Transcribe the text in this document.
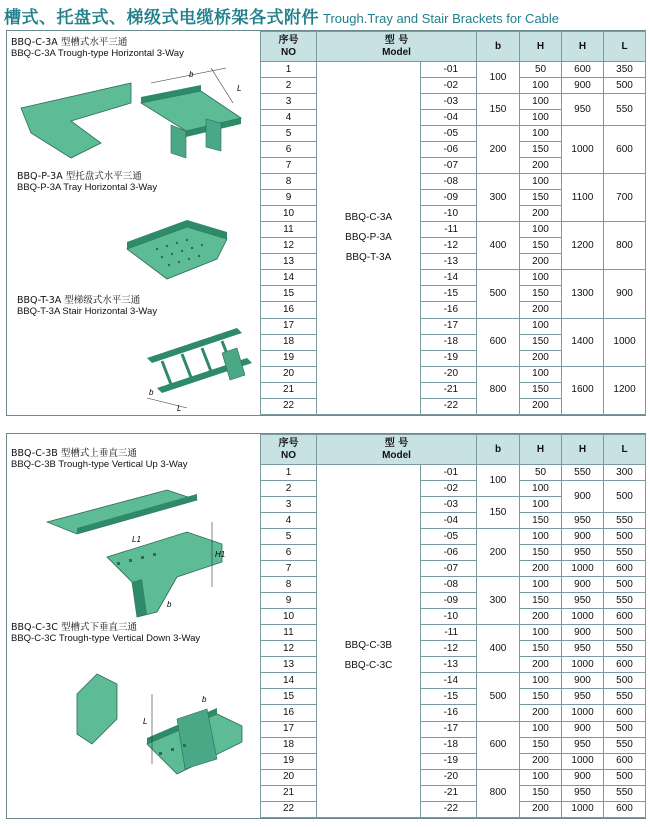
槽式、托盘式、梯级式电缆桥架各式附件 Trough.Tray and Stair Brackets for Cable
BBQ-C-3A 型槽式水平三通
BBQ-C-3A Trough-type Horizontal 3-Way
L
b
BBQ-P-3A 型托盘式水平三通
BBQ-P-3A Tray Horizontal 3-Way
BBQ-T-3A 型梯级式水平三通
BBQ-T-3A Stair Horizontal 3-Way
b
L
序号
NO	型 号
Model		b	H	H	L
1	BBQ-C-3A
BBQ-P-3A
BBQ-T-3A	-01	100	50	600	350
2		-02		100	900	500
3		-03	150	100	950	550
4		-04		100		
5		-05	200	100	1000	600
6		-06		150		
7		-07		200		
8		-08	300	100	1100	700
9		-09		150		
10		-10		200		
11		-11	400	100	1200	800
12		-12		150		
13		-13		200		
14		-14	500	100	1300	900
15		-15		150		
16		-16		200		
17		-17	600	100	1400	1000
18		-18		150		
19		-19		200		
20		-20	800	100	1600	1200
21		-21		150		
22		-22		200		
BBQ-C-3B 型槽式上垂直三通
BBQ-C-3B Trough-type Vertical Up 3-Way
H1
L1
b
BBQ-C-3C 型槽式下垂直三通
BBQ-C-3C Trough-type Vertical Down 3-Way
L
b
序号
NO	型 号
Model		b	H	H	L
1	BBQ-C-3B
BBQ-C-3C	-01	100	50	550	300
2		-02		100	900	500
3		-03	150	100		
4		-04		150	950	550
5		-05	200	100	900	500
6		-06		150	950	550
7		-07		200	1000	600
8		-08	300	100	900	500
9		-09		150	950	550
10		-10		200	1000	600
11		-11	400	100	900	500
12		-12		150	950	550
13		-13		200	1000	600
14		-14	500	100	900	500
15		-15		150	950	550
16		-16		200	1000	600
17		-17	600	100	900	500
18		-18		150	950	550
19		-19		200	1000	600
20		-20	800	100	900	500
21		-21		150	950	550
22		-22		200	1000	600
